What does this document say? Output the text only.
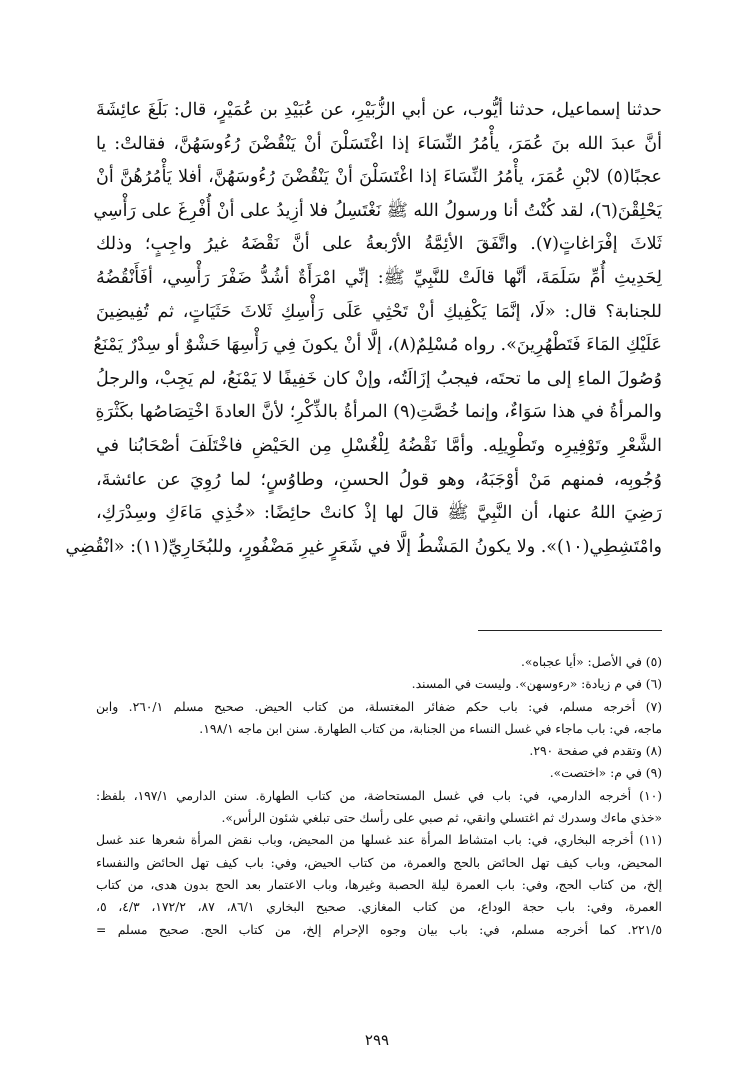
حدثنا إسماعيل، حدثنا أيُّوب، عن أبي الزُّبَيْرِ، عن عُبَيْدِ بن عُمَيْرٍ، قال: بَلَغَ عائِشَةَ

أنَّ عبدَ الله بنَ عُمَرَ، يأْمُرُ النِّسَاءَ إذا اغْتَسَلْنَ أنْ يَنْقُضْنَ رُءُوسَهُنَّ، فقالتْ: يا

عجبًا(٥) لابْنِ عُمَرَ، يأْمُرُ النِّسَاءَ إذا اغْتَسَلْنَ أنْ يَنْقُضْنَ رُءُوسَهُنَّ، أفلا يَأْمُرُهُنَّ أنْ

يَحْلِقْنَ(٦)، لقد كُنْتُ أنا ورسولُ الله ﷺ نَغْتَسِلُ فلا أزِيدُ على أنْ أُفْرِغَ على رَأْسِي

ثَلاثَ إفْرَاغاتٍ(٧). واتَّفَقَ الأئِمَّةُ الأرْبعةُ على أنَّ نَقْضَهُ غيرُ واجِبٍ؛ وذلك

لِحَدِيثِ أُمِّ سَلَمَةَ، أنَّها قالَتْ للنَّبِيِّ ﷺ: إنِّي امْرَأَةٌ أشُدُّ ضَفْرَ رَأْسِي، أفَأَنْقُضُهُ

للجنابة؟ قال: «لَا، إنَّمَا يَكْفِيكِ أنْ تَحْثِي عَلَى رَأْسِكِ ثَلاثَ حَثَيَاتٍ، ثم تُفِيضِينَ

عَلَيْكِ المَاءَ فَتَطْهُرِينَ». رواه مُسْلِمٌ(٨)، إلَّا أنْ يكونَ فِي رَأْسِهَا حَشْوٌ أو سِدْرٌ يَمْنَعُ

وُصُولَ الماءِ إلى ما تحتَه، فيجبُ إزَالَتُه، وإنْ كان خَفِيفًا لا يَمْنَعُ، لم يَجِبْ، والرجلُ

والمرأةُ في هذا سَوَاءٌ، وإنما خُصَّتِ(٩) المرأةُ بالذِّكْرِ؛ لأنَّ العادةَ اخْتِصَاصُها بكَثْرَةِ

الشَّعْرِ وتَوْفِيرِه وتَطْوِيلِه. وأمَّا نَقْضُهُ لِلْغُسْلِ مِن الحَيْضِ فاخْتَلَفَ أصْحَابُنا في

وُجُوبِه، فمنهم مَنْ أوْجَبَهُ، وهو قولُ الحسنِ، وطاوُسٍ؛ لما رُوِيَ عن عائشةَ،

رَضِيَ اللهُ عنها، أن النَّبِيَّ ﷺ قالَ لها إذْ كانتْ حائِضًا: «خُذِي مَاءَكِ وسِدْرَكِ،

وامْتَشِطِي(١٠)». ولا يكونُ المَشْطُ إلَّا في شَعَرٍ غيرِ مَضْفُورٍ، وللبُخَارِيِّ(١١): «انْقُضِي

(٥) في الأصل: «أيا عجباه».

(٦) في م زيادة: «رءوسهن». وليست في المسند.

(٧) أخرجه مسلم، في: باب حكم ضفائر المغتسلة، من كتاب الحيض. صحيح مسلم ٢٦٠/١. وابن

ماجه، في: باب ماجاء في غسل النساء من الجنابة، من كتاب الطهارة. سنن ابن ماجه ١٩٨/١.

(٨) وتقدم في صفحة ٢٩٠.

(٩) في م: «اختصت».

(١٠) أخرجه الدارمي، في: باب في غسل المستحاضة، من كتاب الطهارة. سنن الدارمي ١٩٧/١، بلفظ:

«خذي ماءك وسدرك ثم اغتسلي وانقي، ثم صبي على رأسك حتى تبلغي شئون الرأس».

(١١) أخرجه البخاري، في: باب امتشاط المرأة عند غسلها من المحيض، وباب نقض المرأة شعرها عند غسل

المحيض، وباب كيف تهل الحائض بالحج والعمرة، من كتاب الحيض، وفي: باب كيف تهل الحائض والنفساء

إلخ، من كتاب الحج، وفي: باب العمرة ليلة الحصبة وغيرها، وباب الاعتمار بعد الحج بدون هدى، من كتاب

العمرة، وفي: باب حجة الوداع، من كتاب المغازي. صحيح البخاري ٨٦/١، ٨٧، ١٧٢/٢، ٤/٣، ٥،

٢٢١/٥. كما أخرجه مسلم، في: باب بيان وجوه الإحرام إلخ، من كتاب الحج. صحيح مسلم =

٢٩٩
